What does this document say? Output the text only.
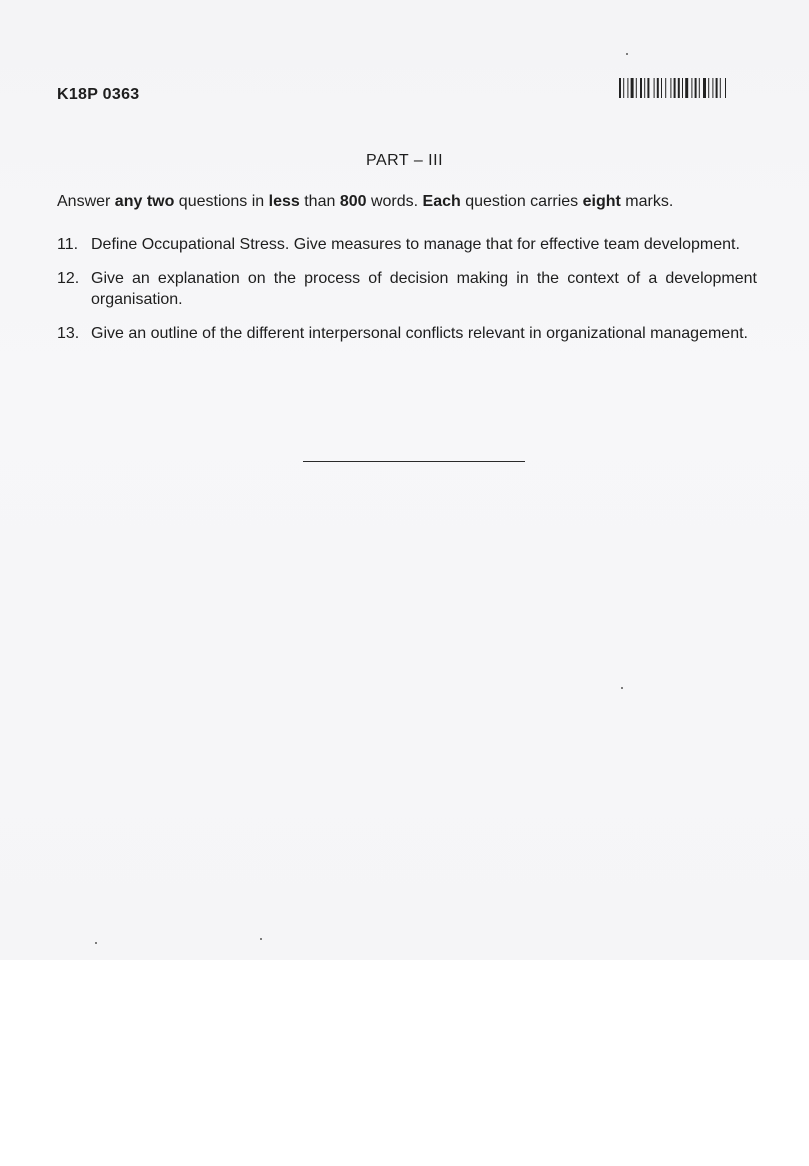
K18P 0363
PART – III
Answer any two questions in less than 800 words. Each question carries eight marks.
11. Define Occupational Stress. Give measures to manage that for effective team development.
12. Give an explanation on the process of decision making in the context of a development organisation.
13. Give an outline of the different interpersonal conflicts relevant in organizational management.
